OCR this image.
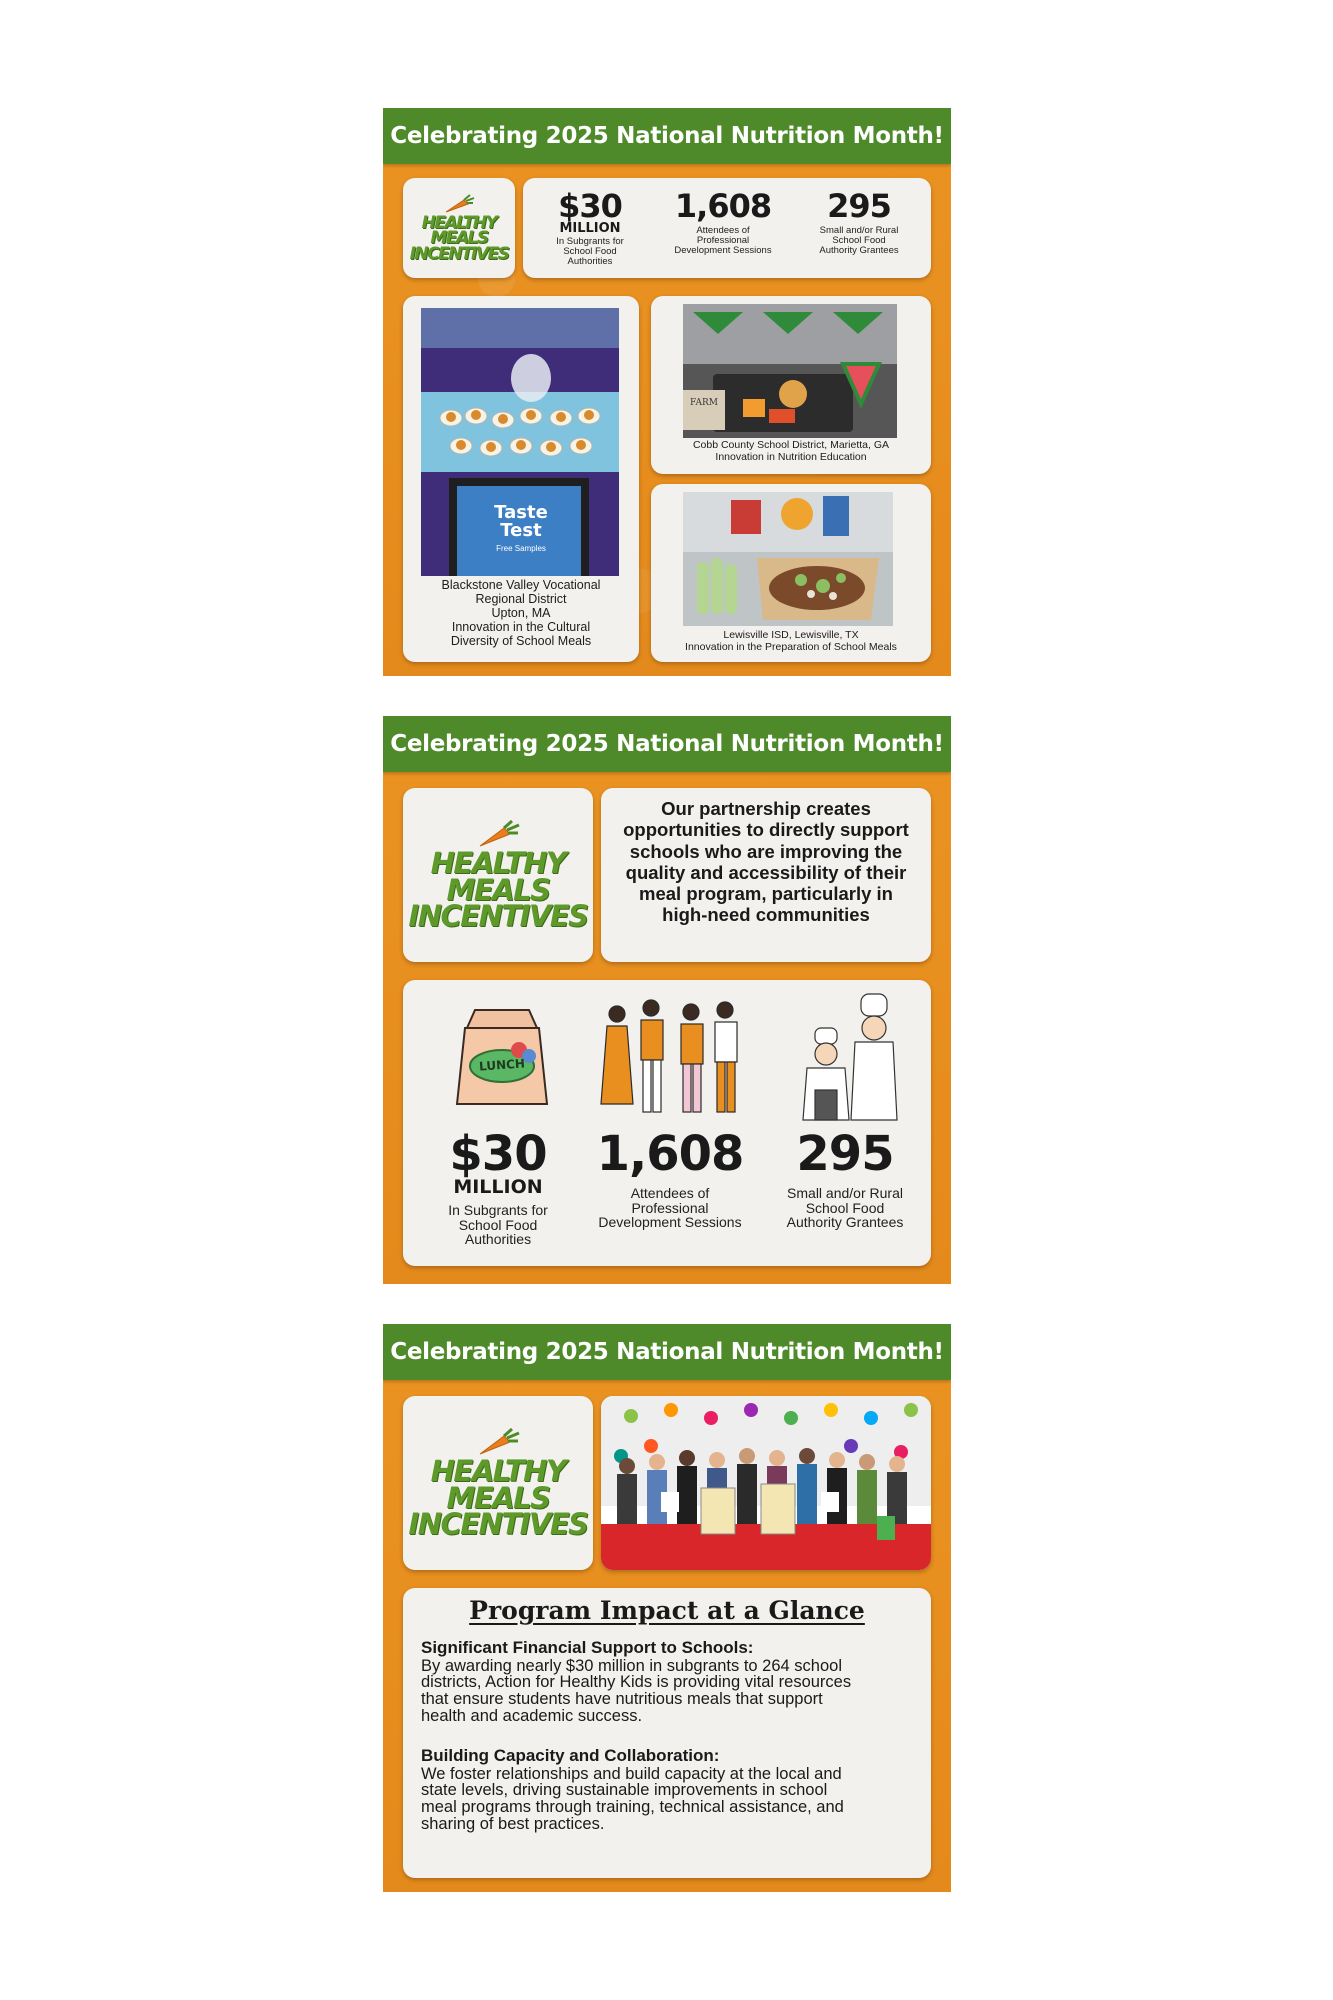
Celebrating 2025 National Nutrition Month!
HEALTHY
MEALS
INCENTIVES
$30
MILLION
In Subgrants for
School Food
Authorities
1,608
Attendees of
Professional
Development Sessions
295
Small and/or Rural
School Food
Authority Grantees
Taste
Test
Free Samples
Blackstone Valley Vocational
Regional District
Upton, MA
Innovation in the Cultural
Diversity of School Meals
FARM
Cobb County School District, Marietta, GA
Innovation in Nutrition Education
Lewisville ISD, Lewisville, TX
Innovation in the Preparation of School Meals
Celebrating 2025 National Nutrition Month!
HEALTHY
MEALS
INCENTIVES
Our partnership creates opportunities to directly support schools who are improving the quality and accessibility of their meal program, particularly in high-need communities
LUNCH
$30
MILLION
In Subgrants for
School Food
Authorities
1,608
Attendees of
Professional
Development Sessions
295
Small and/or Rural
School Food
Authority Grantees
Celebrating 2025 National Nutrition Month!
HEALTHY
MEALS
INCENTIVES
Program Impact at a Glance
Significant Financial Support to Schools:
By awarding nearly $30 million in subgrants to 264 school
districts, Action for Healthy Kids is providing vital resources
that ensure students have nutritious meals that support
health and academic success.
Building Capacity and Collaboration:
We foster relationships and build capacity at the local and
state levels, driving sustainable improvements in school
meal programs through training, technical assistance, and
sharing of best practices.
